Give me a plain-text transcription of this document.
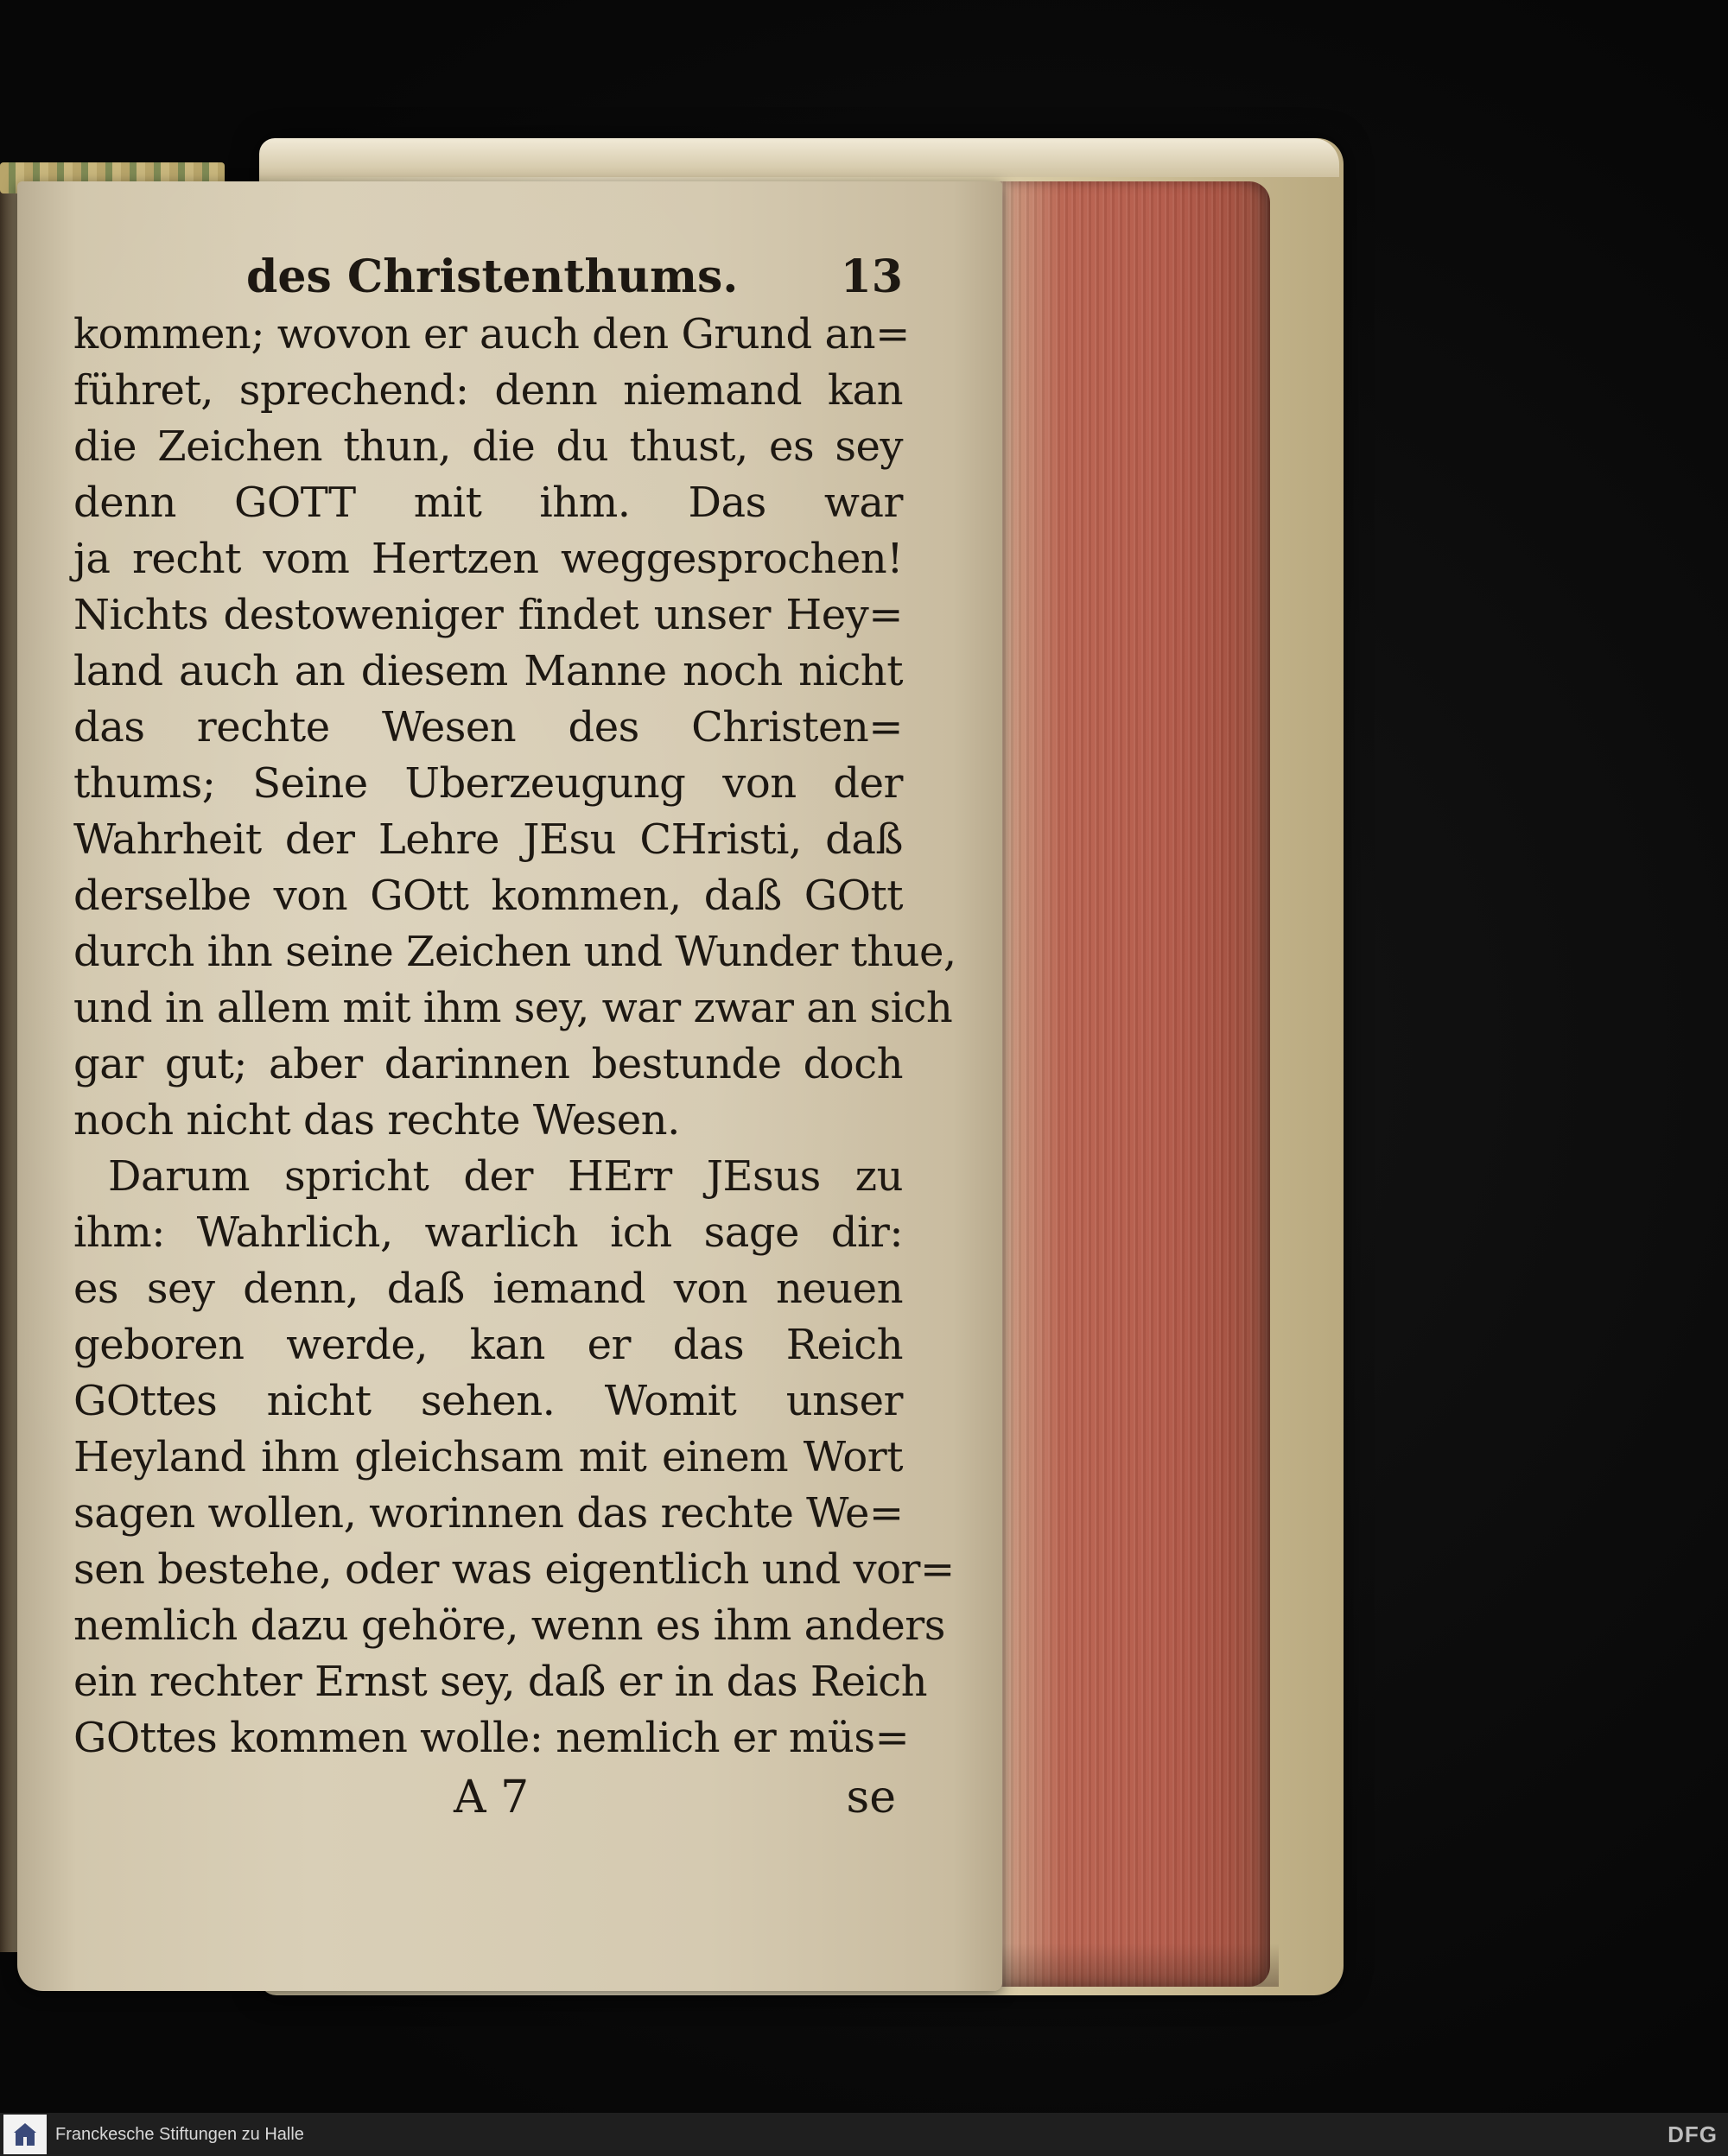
des Christenthums. 13
kommen; wovon er auch den Grund an=
führet, sprechend: denn niemand kan
die Zeichen thun, die du thust, es sey
denn GOTT mit ihm. Das war
ja recht vom Hertzen weggesprochen!
Nichts destoweniger findet unser Hey=
land auch an diesem Manne noch nicht
das rechte Wesen des Christen=
thums; Seine Uberzeugung von der
Wahrheit der Lehre JEsu CHristi, daß
derselbe von GOtt kommen, daß GOtt
durch ihn seine Zeichen und Wunder thue,
und in allem mit ihm sey, war zwar an sich
gar gut; aber darinnen bestunde doch
noch nicht das rechte Wesen.
Darum spricht der HErr JEsus zu
ihm: Wahrlich, warlich ich sage dir:
es sey denn, daß iemand von neuen
geboren werde, kan er das Reich
GOttes nicht sehen. Womit unser
Heyland ihm gleichsam mit einem Wort
sagen wollen, worinnen das rechte We=
sen bestehe, oder was eigentlich und vor=
nemlich dazu gehöre, wenn es ihm anders
ein rechter Ernst sey, daß er in das Reich
GOttes kommen wolle: nemlich er müs=
A 7	se
Franckesche Stiftungen zu Halle	DFG
